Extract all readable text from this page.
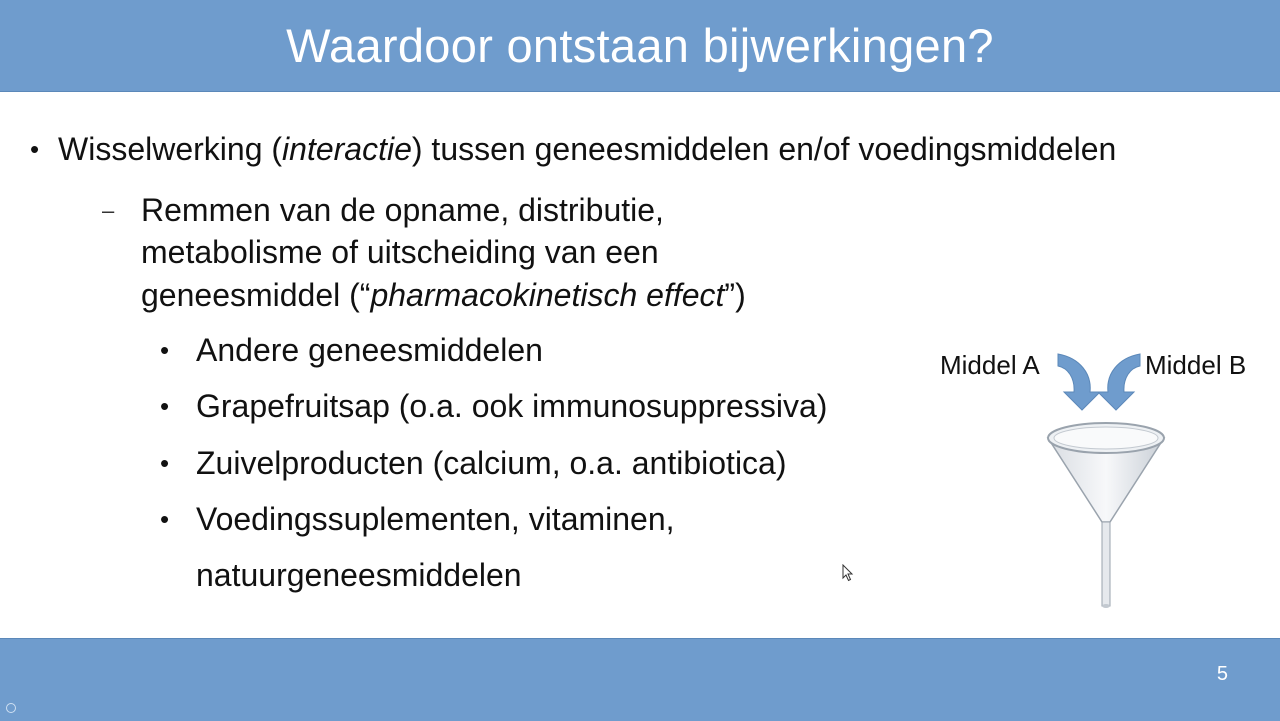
Waardoor ontstaan bijwerkingen?
• Wisselwerking (interactie) tussen geneesmiddelen en/of voedingsmiddelen
– Remmen van de opname, distributie,
metabolisme of uitscheiding van een
geneesmiddel (“pharmacokinetisch effect”)
• Andere geneesmiddelen
• Grapefruitsap (o.a. ook immunosuppressiva)
• Zuivelproducten (calcium, o.a. antibiotica)
• Voedingssuplementen, vitaminen,
natuurgeneesmiddelen
Middel A	Middel B
5
